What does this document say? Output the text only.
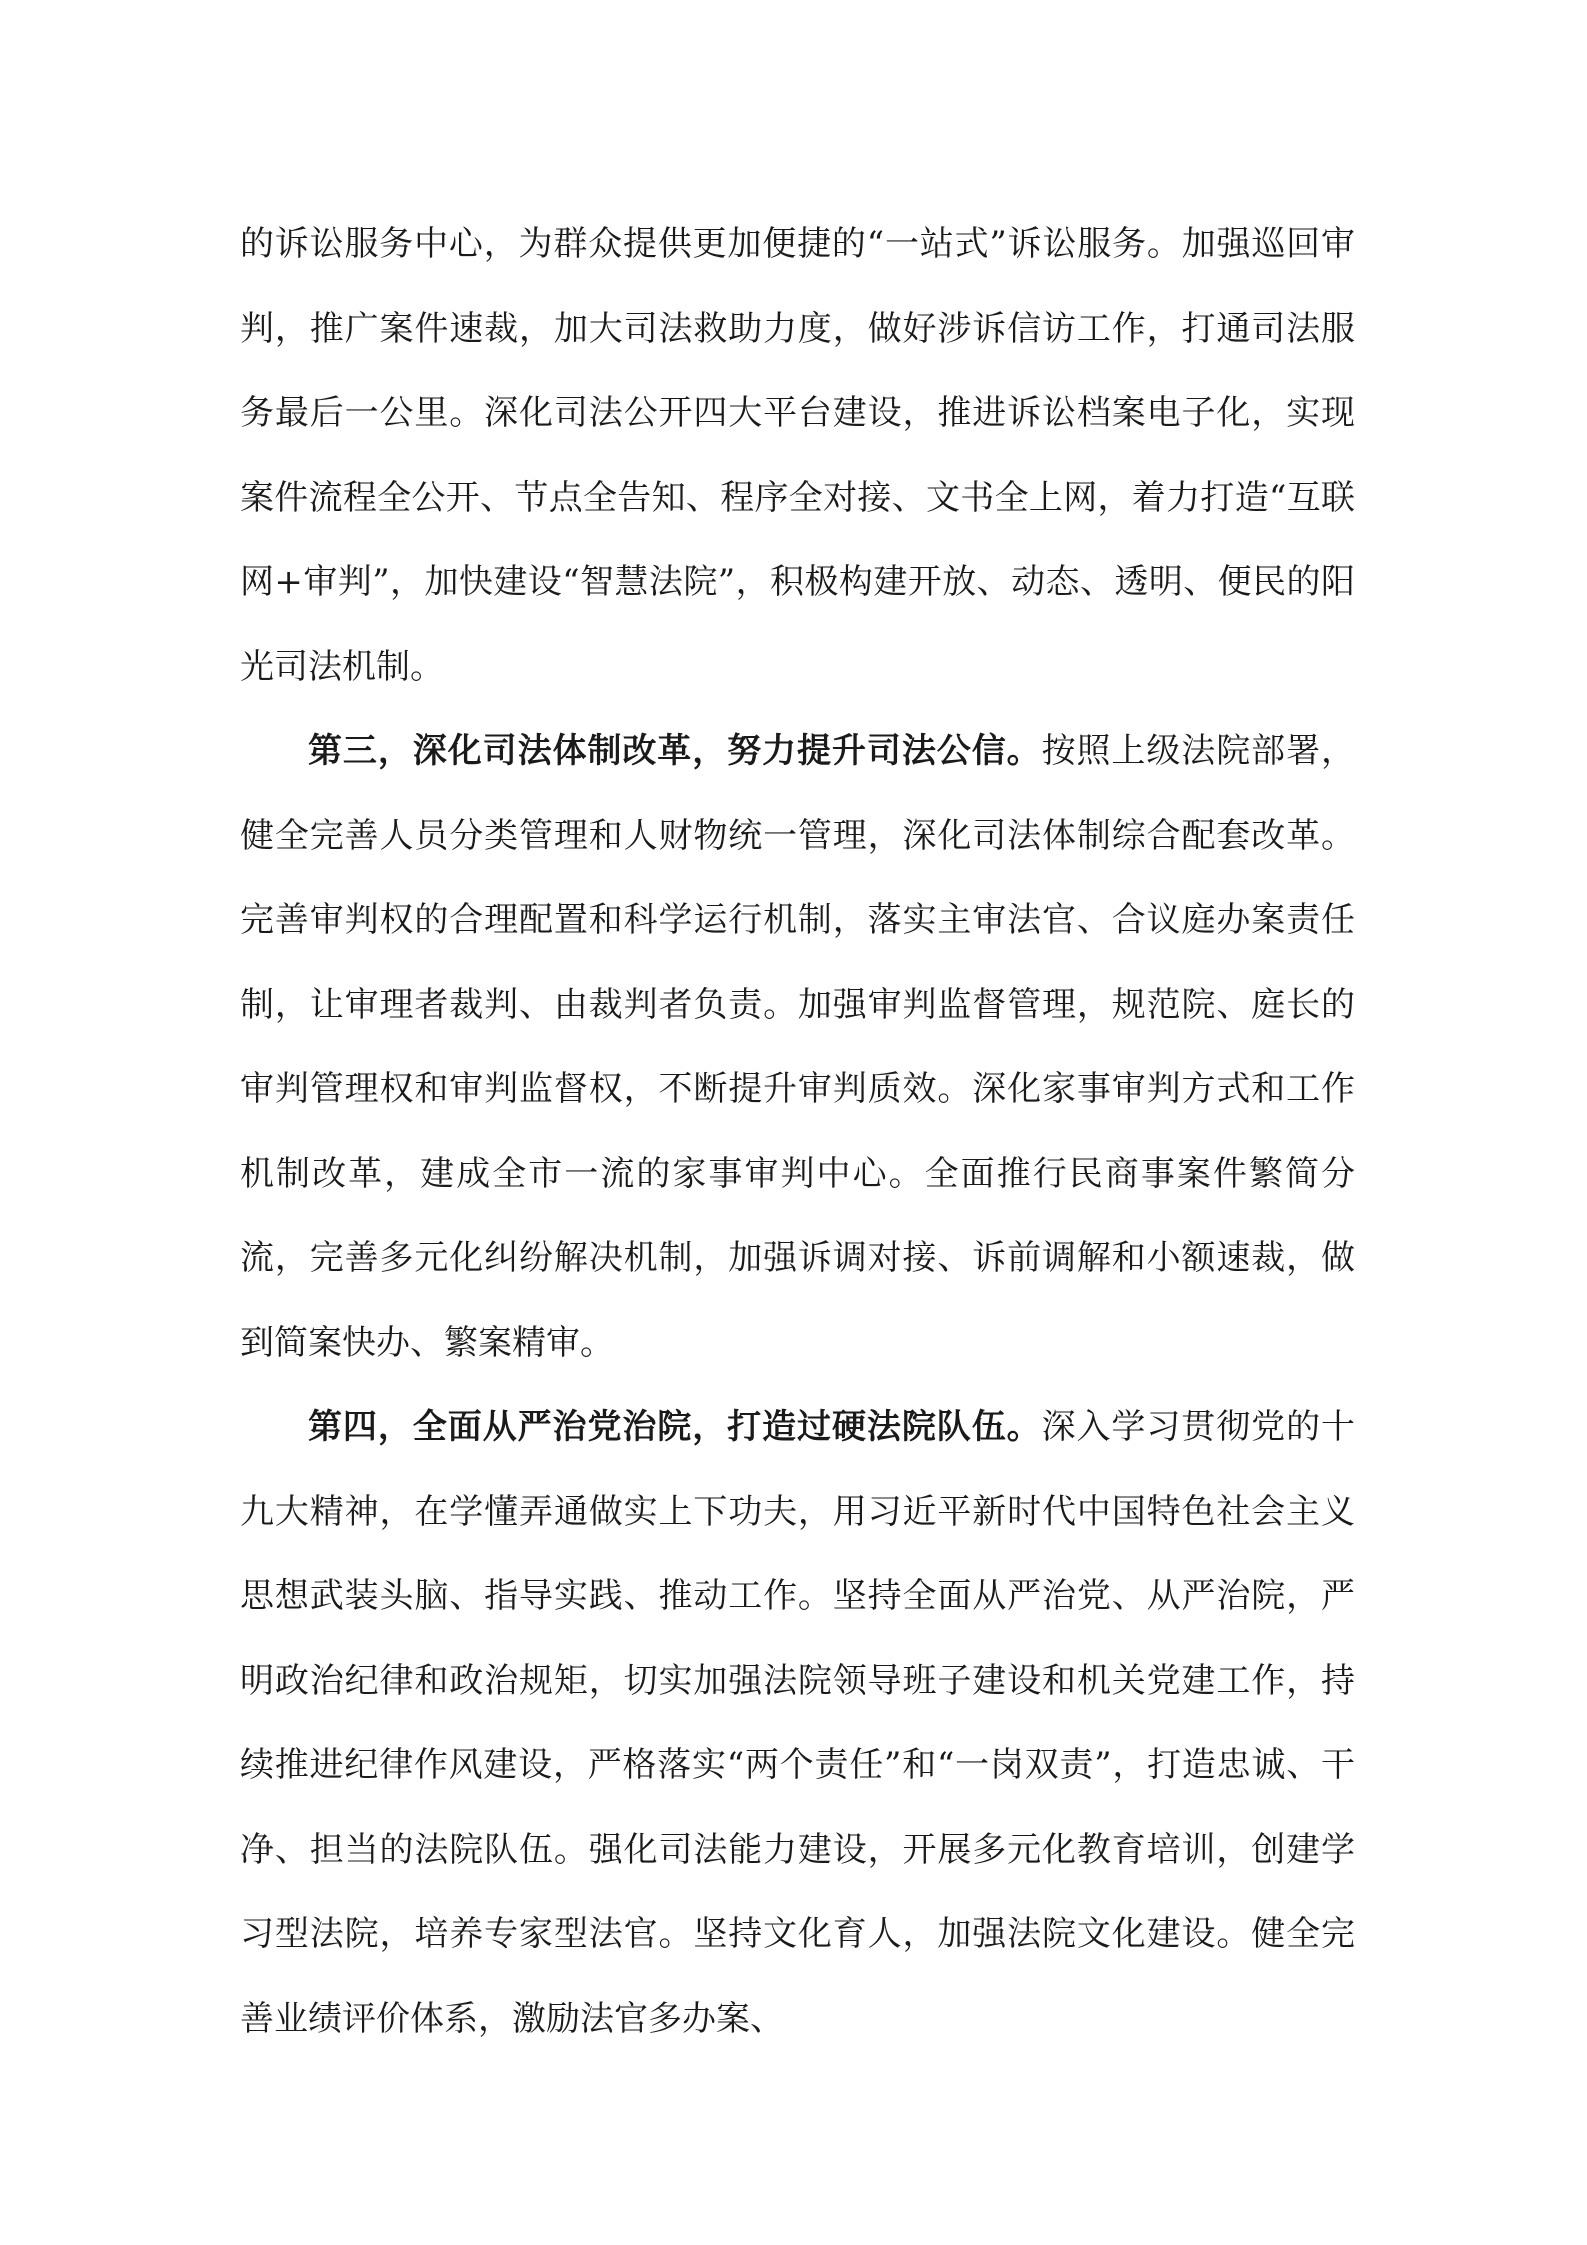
的诉讼服务中心，为群众提供更加便捷的“一站式”诉讼服务。加强巡回审判，推广案件速裁，加大司法救助力度，做好涉诉信访工作，打通司法服务最后一公里。深化司法公开四大平台建设，推进诉讼档案电子化，实现案件流程全公开、节点全告知、程序全对接、文书全上网，着力打造“互联网+审判”，加快建设“智慧法院”，积极构建开放、动态、透明、便民的阳光司法机制。

第三，深化司法体制改革，努力提升司法公信。按照上级法院部署，健全完善人员分类管理和人财物统一管理，深化司法体制综合配套改革。完善审判权的合理配置和科学运行机制，落实主审法官、合议庭办案责任制，让审理者裁判、由裁判者负责。加强审判监督管理，规范院、庭长的审判管理权和审判监督权，不断提升审判质效。深化家事审判方式和工作机制改革，建成全市一流的家事审判中心。全面推行民商事案件繁简分流，完善多元化纠纷解决机制，加强诉调对接、诉前调解和小额速裁，做到简案快办、繁案精审。

第四，全面从严治党治院，打造过硬法院队伍。深入学习贯彻党的十九大精神，在学懂弄通做实上下功夫，用习近平新时代中国特色社会主义思想武装头脑、指导实践、推动工作。坚持全面从严治党、从严治院，严明政治纪律和政治规矩，切实加强法院领导班子建设和机关党建工作，持续推进纪律作风建设，严格落实“两个责任”和“一岗双责”，打造忠诚、干净、担当的法院队伍。强化司法能力建设，开展多元化教育培训，创建学习型法院，培养专家型法官。坚持文化育人，加强法院文化建设。健全完善业绩评价体系，激励法官多办案、
